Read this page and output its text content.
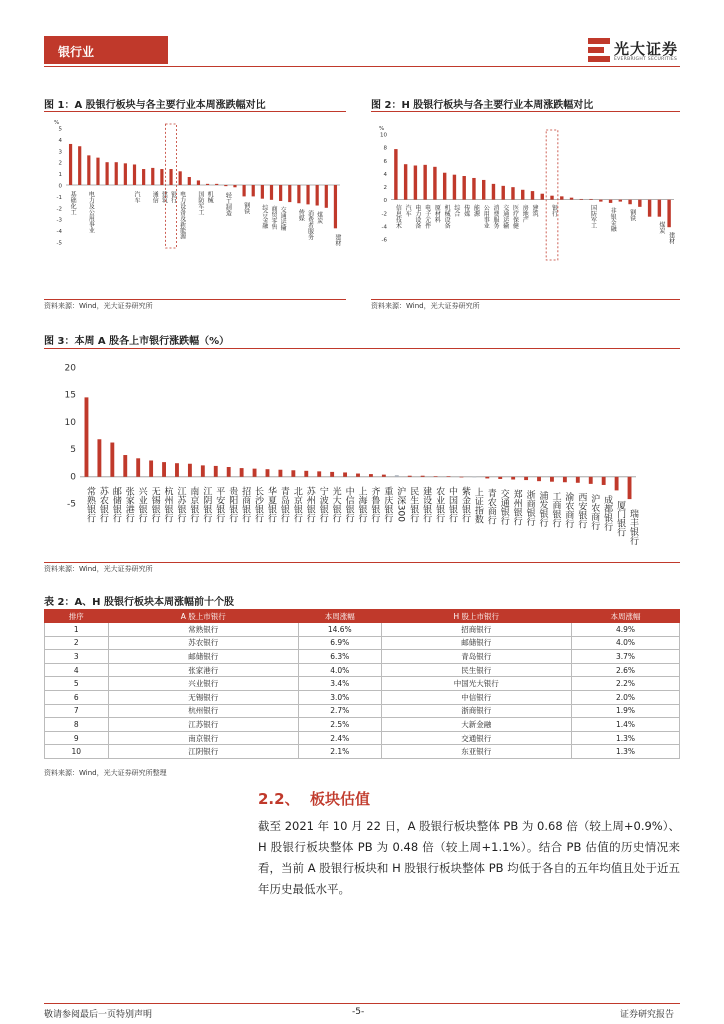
银行业	光大证券
EVERBRIGHT SECURITIES
图 1：A 股银行板块与各主要行业本周涨跌幅对比
5
4
3
2
1
0
-1
-2
-3
-4
-5
%
基础化工 电力及公用事业	汽车 通信 建筑 银行 电力设备及新能源 国防军工 机械 轻工制造 钢铁 综合金融 商贸零售 交通运输 传媒 消费者服务 煤炭
建材
资料来源：Wind，光大证券研究所
图 2：H 股银行板块与各主要行业本周涨跌幅对比
10
8
6
4
2
0
-2
-4
-6
%
信息技术 汽车 电力设备 电子元件 原材料 机械设备 综合 传媒 能源 公用事业 消费服务 交通运输 医疗保健 房地产 建筑 银行	国防军工 非银金融 钢铁
煤炭
建材
资料来源：Wind，光大证券研究所
图 3：本周 A 股各上市银行涨跌幅（%）
20
15
10
5
0
-5 常熟银行 苏农银行 邮储银行 张家港行 兴业银行 无锡银行 杭州银行 江苏银行 南京银行 江阴银行 平安银行 贵阳银行 招商银行 长沙银行 华夏银行 青岛银行 北京银行 苏州银行 宁波银行 光大银行 中信银行 上海银行 齐鲁银行 重庆银行 沪深300 民生银行 建设银行 农业银行 中国银行 紫金银行 上证指数 青农商行 交通银行 郑州银行 浙商银行 浦发银行 工商银行 渝农商行 西安银行 沪农商行 成都银行 厦门银行 瑞丰银行
资料来源：Wind，光大证券研究所
表 2：A、H 股银行板块本周涨幅前十个股
排序	A 股上市银行	本周涨幅	H 股上市银行	本周涨幅
1	常熟银行	14.6%	招商银行	4.9%
2	苏农银行	6.9%	邮储银行	4.0%
3	邮储银行	6.3%	青岛银行	3.7%
4	张家港行	4.0%	民生银行	2.6%
5	兴业银行	3.4%	中国光大银行	2.2%
6	无锡银行	3.0%	中信银行	2.0%
7	杭州银行	2.7%	浙商银行	1.9%
8	江苏银行	2.5%	大新金融	1.4%
9	南京银行	2.4%	交通银行	1.3%
10	江阴银行	2.1%	东亚银行	1.3%
资料来源：Wind，光大证券研究所整理
2.2、 板块估值
截至 2021 年 10 月 22 日，A 股银行板块整体 PB 为 0.68 倍（较上周+0.9%）、H 股银行板块整体 PB 为 0.48 倍（较上周+1.1%）。结合 PB 估值的历史情况来看，当前 A 股银行板块和 H 股银行板块整体 PB 均低于各自的五年均值且处于近五年历史最低水平。
敬请参阅最后一页特别声明	-5-	证券研究报告
